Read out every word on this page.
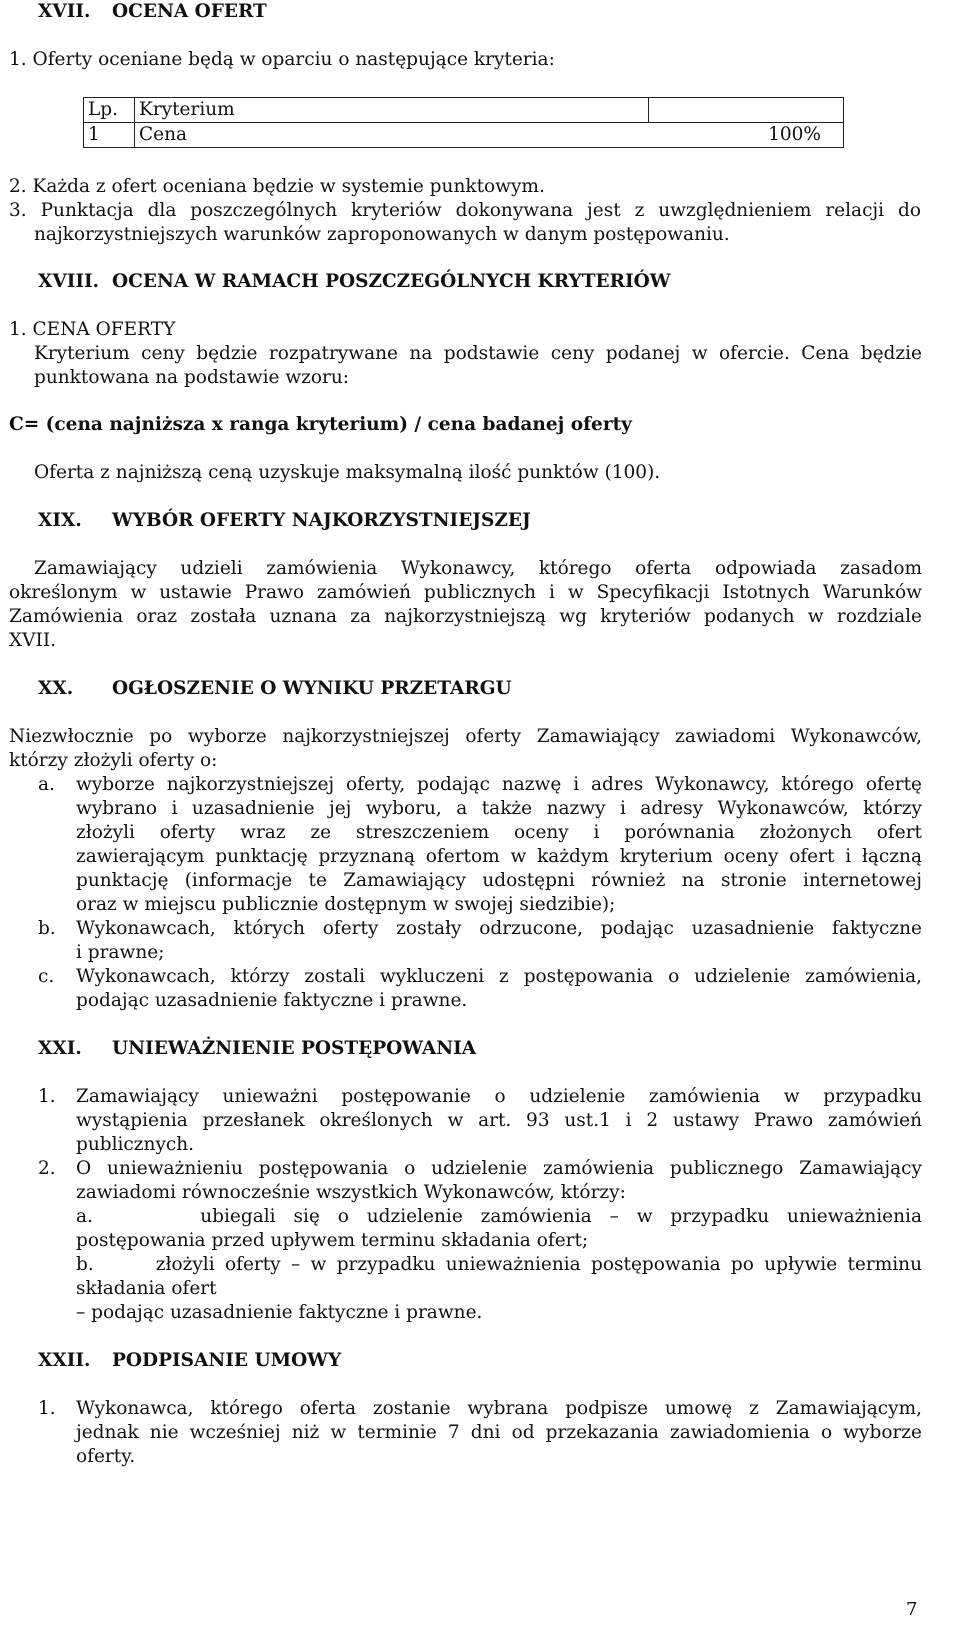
XVII. OCENA OFERT
1. Oferty oceniane będą w oparciu o następujące kryteria:
Lp.	Kryterium	
1	Cena	100%
2. Każda z ofert oceniana będzie w systemie punktowym.
3. Punktacja dla poszczególnych kryteriów dokonywana jest z uwzględnieniem relacji do
najkorzystniejszych warunków zaproponowanych w danym postępowaniu.
XVIII. OCENA W RAMACH POSZCZEGÓLNYCH KRYTERIÓW
1. CENA OFERTY
Kryterium ceny będzie rozpatrywane na podstawie ceny podanej w ofercie. Cena będzie
punktowana na podstawie wzoru:
C= (cena najniższa x ranga kryterium) / cena badanej oferty
Oferta z najniższą ceną uzyskuje maksymalną ilość punktów (100).
XIX. WYBÓR OFERTY NAJKORZYSTNIEJSZEJ
Zamawiający udzieli zamówienia Wykonawcy, którego oferta odpowiada zasadom
określonym w ustawie Prawo zamówień publicznych i w Specyfikacji Istotnych Warunków
Zamówienia oraz została uznana za najkorzystniejszą wg kryteriów podanych w rozdziale
XVII.
XX. OGŁOSZENIE O WYNIKU PRZETARGU
Niezwłocznie po wyborze najkorzystniejszej oferty Zamawiający zawiadomi Wykonawców,
którzy złożyli oferty o:
a. wyborze najkorzystniejszej oferty, podając nazwę i adres Wykonawcy, którego ofertę
wybrano i uzasadnienie jej wyboru, a także nazwy i adresy Wykonawców, którzy
złożyli oferty wraz ze streszczeniem oceny i porównania złożonych ofert
zawierającym punktację przyznaną ofertom w każdym kryterium oceny ofert i łączną
punktację (informacje te Zamawiający udostępni również na stronie internetowej
oraz w miejscu publicznie dostępnym w swojej siedzibie);
b. Wykonawcach, których oferty zostały odrzucone, podając uzasadnienie faktyczne
i prawne;
c. Wykonawcach, którzy zostali wykluczeni z postępowania o udzielenie zamówienia,
podając uzasadnienie faktyczne i prawne.
XXI. UNIEWAŻNIENIE POSTĘPOWANIA
1. Zamawiający unieważni postępowanie o udzielenie zamówienia w przypadku
wystąpienia przesłanek określonych w art. 93 ust.1 i 2 ustawy Prawo zamówień
publicznych.
2. O unieważnieniu postępowania o udzielenie zamówienia publicznego Zamawiający
zawiadomi równocześnie wszystkich Wykonawców, którzy:
a.      ubiegali się o udzielenie zamówienia – w przypadku unieważnienia
postępowania przed upływem terminu składania ofert;
b.      złożyli oferty – w przypadku unieważnienia postępowania po upływie terminu
składania ofert
– podając uzasadnienie faktyczne i prawne.
XXII. PODPISANIE UMOWY
1. Wykonawca, którego oferta zostanie wybrana podpisze umowę z Zamawiającym,
jednak nie wcześniej niż w terminie 7 dni od przekazania zawiadomienia o wyborze
oferty.
7
